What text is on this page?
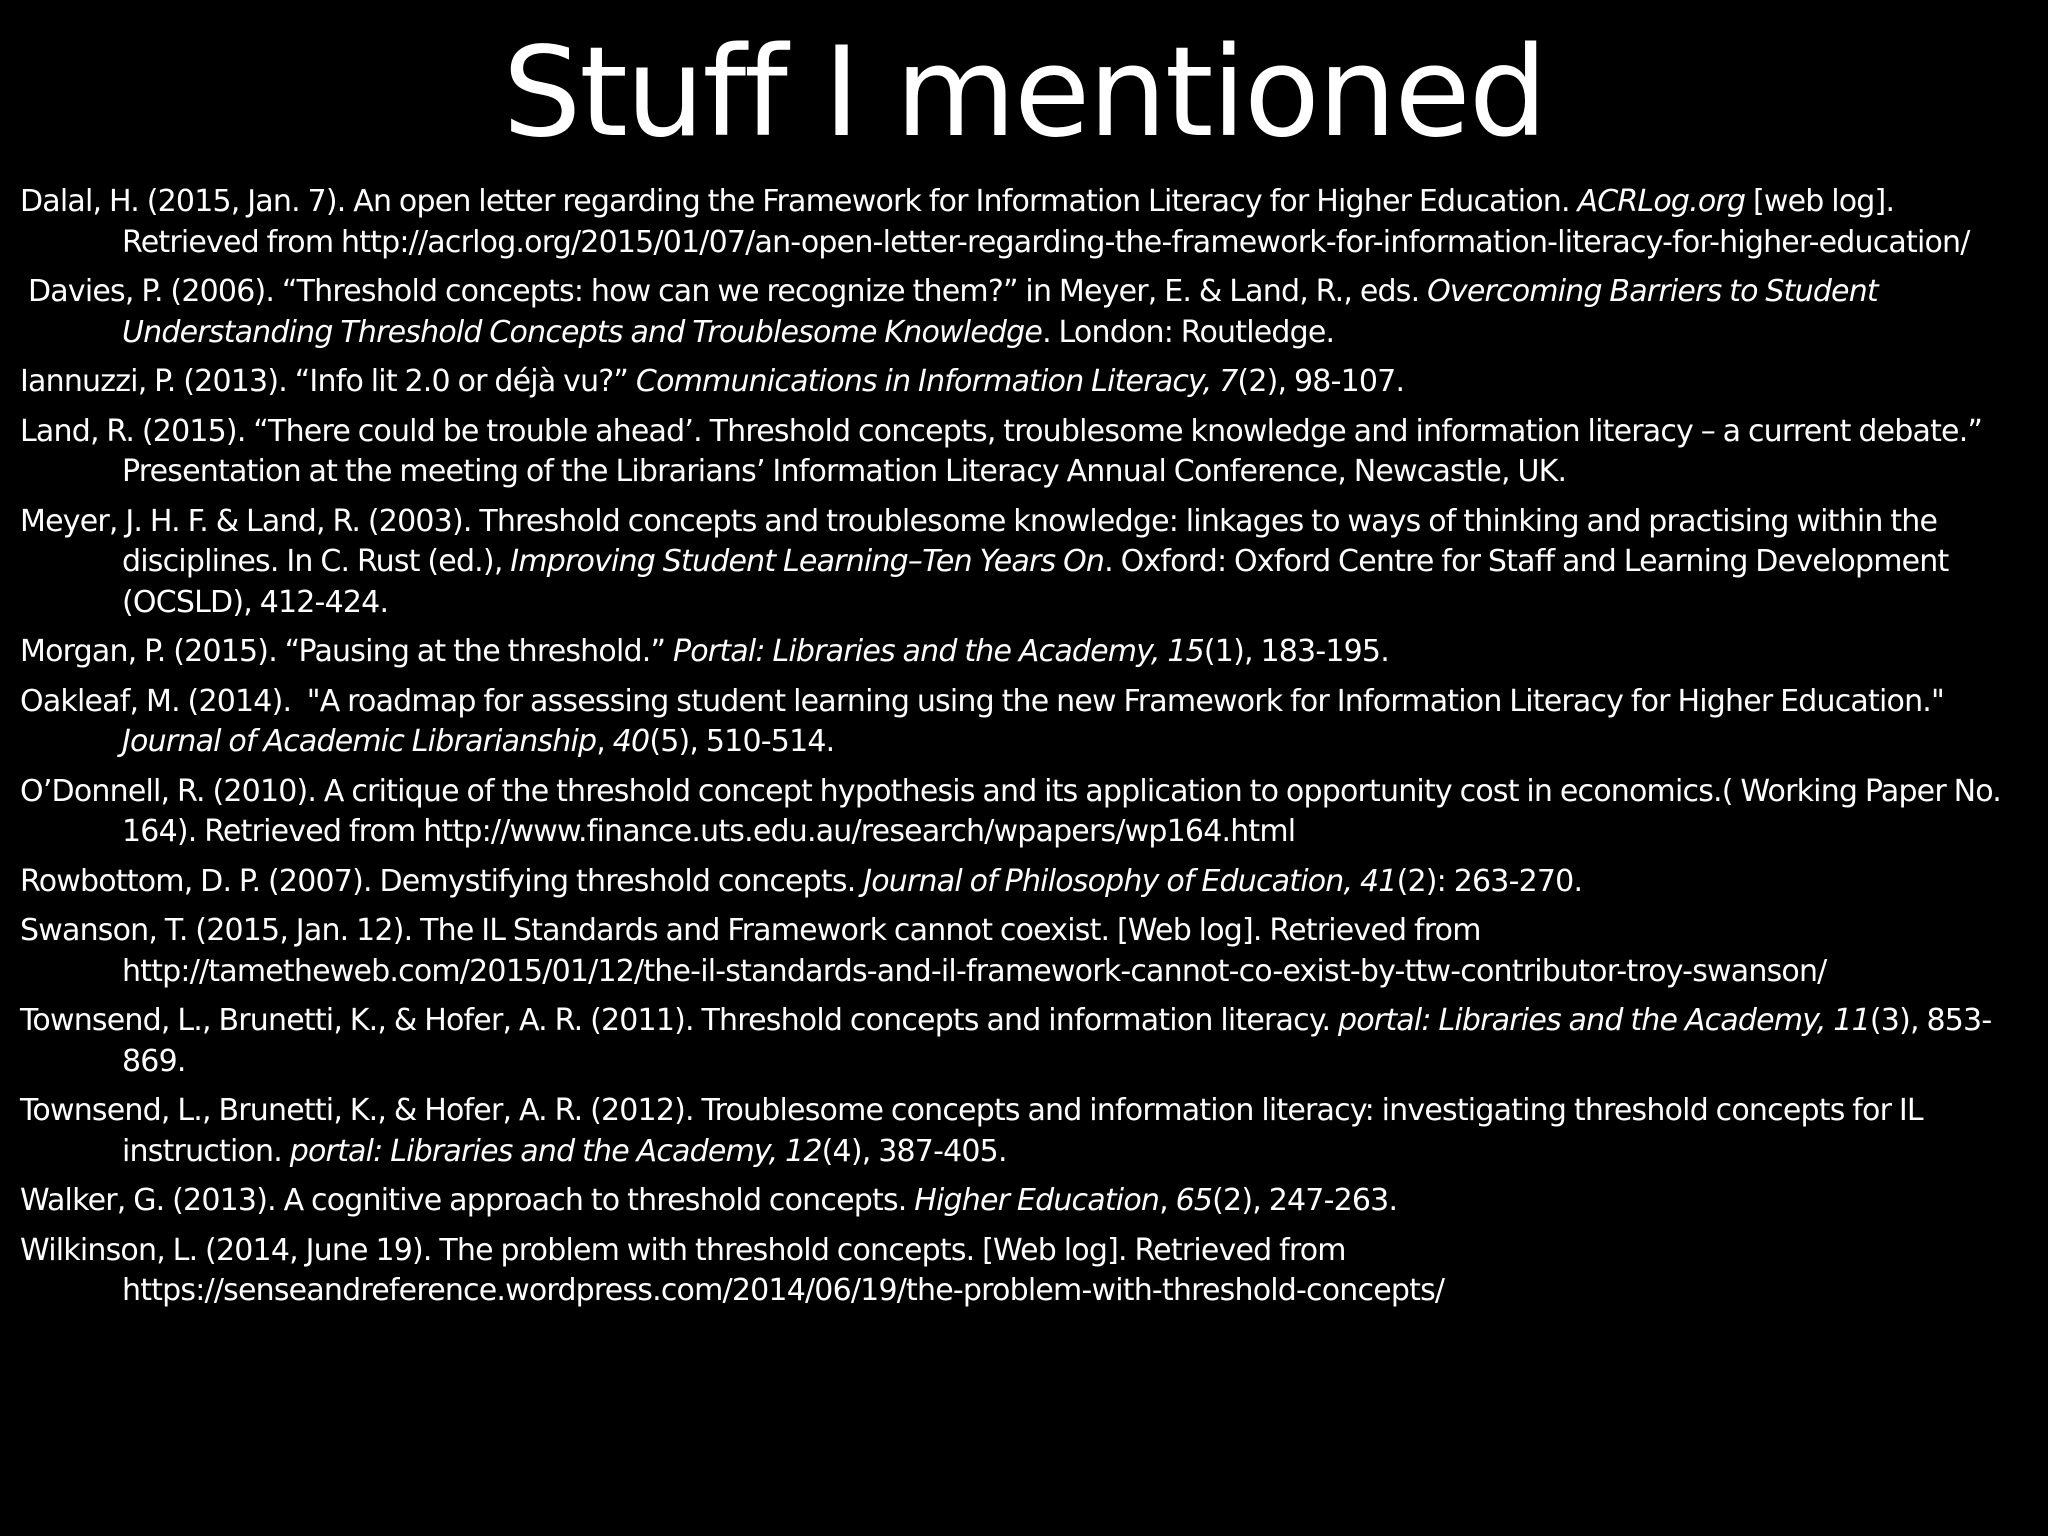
Stuff I mentioned

Dalal, H. (2015, Jan. 7). An open letter regarding the Framework for Information Literacy for Higher Education. ACRLog.org [web log]. Retrieved from http://acrlog.org/2015/01/07/an-open-letter-regarding-the-framework-for-information-literacy-for-higher-education/

Davies, P. (2006). “Threshold concepts: how can we recognize them?” in Meyer, E. & Land, R., eds. Overcoming Barriers to Student Understanding Threshold Concepts and Troublesome Knowledge. London: Routledge.

Iannuzzi, P. (2013). “Info lit 2.0 or déjà vu?” Communications in Information Literacy, 7(2), 98-107.

Land, R. (2015). “There could be trouble ahead’. Threshold concepts, troublesome knowledge and information literacy – a current debate.” Presentation at the meeting of the Librarians’ Information Literacy Annual Conference, Newcastle, UK.

Meyer, J. H. F. & Land, R. (2003). Threshold concepts and troublesome knowledge: linkages to ways of thinking and practising within the disciplines. In C. Rust (ed.), Improving Student Learning–Ten Years On. Oxford: Oxford Centre for Staff and Learning Development (OCSLD), 412-424.

Morgan, P. (2015). “Pausing at the threshold.” Portal: Libraries and the Academy, 15(1), 183-195.

Oakleaf, M. (2014).  "A roadmap for assessing student learning using the new Framework for Information Literacy for Higher Education."  Journal of Academic Librarianship, 40(5), 510-514.

O’Donnell, R. (2010). A critique of the threshold concept hypothesis and its application to opportunity cost in economics.( Working Paper No. 164). Retrieved from http://www.finance.uts.edu.au/research/wpapers/wp164.html

Rowbottom, D. P. (2007). Demystifying threshold concepts. Journal of Philosophy of Education, 41(2): 263-270.

Swanson, T. (2015, Jan. 12). The IL Standards and Framework cannot coexist. [Web log]. Retrieved from http://tametheweb.com/2015/01/12/the-il-standards-and-il-framework-cannot-co-exist-by-ttw-contributor-troy-swanson/

Townsend, L., Brunetti, K., & Hofer, A. R. (2011). Threshold concepts and information literacy. portal: Libraries and the Academy, 11(3), 853-869.

Townsend, L., Brunetti, K., & Hofer, A. R. (2012). Troublesome concepts and information literacy: investigating threshold concepts for IL instruction. portal: Libraries and the Academy, 12(4), 387-405.

Walker, G. (2013). A cognitive approach to threshold concepts. Higher Education, 65(2), 247-263.

Wilkinson, L. (2014, June 19). The problem with threshold concepts. [Web log]. Retrieved from https://senseandreference.wordpress.com/2014/06/19/the-problem-with-threshold-concepts/
